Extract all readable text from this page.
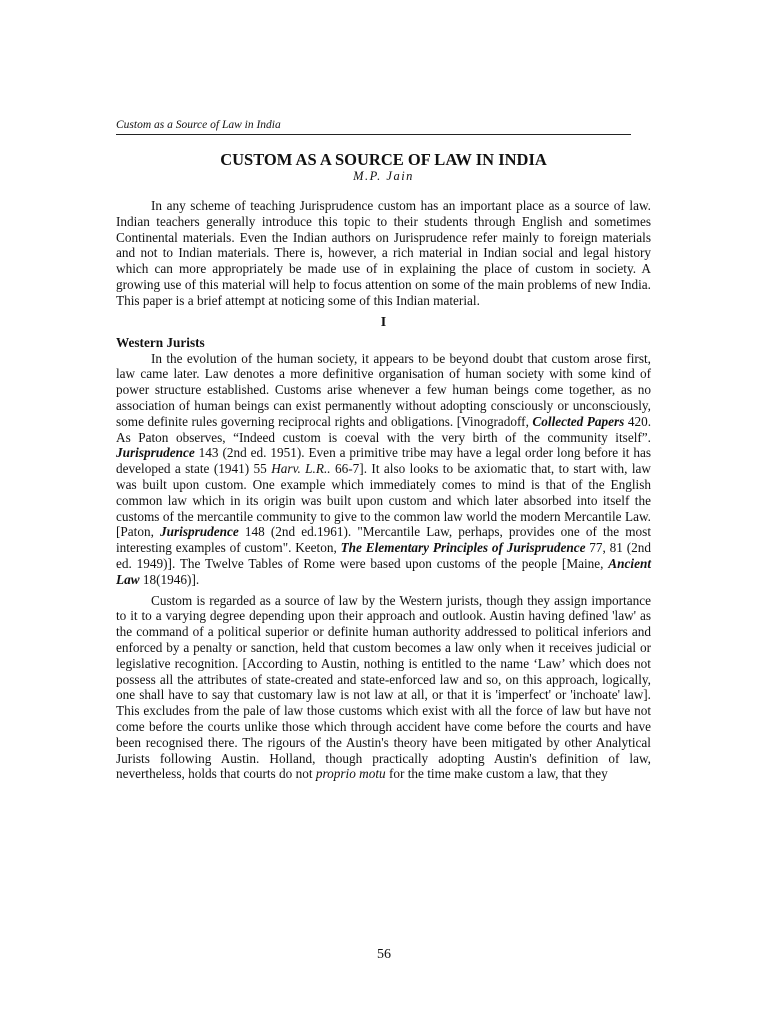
Custom as a Source of Law in India
CUSTOM AS A SOURCE OF LAW IN INDIA
M.P. Jain

In any scheme of teaching Jurisprudence custom has an important place as a source of law. Indian teachers generally introduce this topic to their students through English and sometimes Continental materials. Even the Indian authors on Jurisprudence refer mainly to foreign materials and not to Indian materials. There is, however, a rich material in Indian social and legal history which can more appropriately be made use of in explaining the place of custom in society. A growing use of this material will help to focus attention on some of the main problems of new India. This paper is a brief attempt at noticing some of this Indian material.

I
Western Jurists

In the evolution of the human society, it appears to be beyond doubt that custom arose first, law came later. Law denotes a more definitive organisation of human society with some kind of power structure established. Customs arise whenever a few human beings come together, as no association of human beings can exist permanently without adopting consciously or unconsciously, some definite rules governing reciprocal rights and obligations. [Vinogradoff, Collected Papers 420. As Paton observes, “Indeed custom is coeval with the very birth of the community itself”. Jurisprudence 143 (2nd ed. 1951). Even a primitive tribe may have a legal order long before it has developed a state (1941) 55 Harv. L.R.. 66-7]. It also looks to be axiomatic that, to start with, law was built upon custom. One example which immediately comes to mind is that of the English common law which in its origin was built upon custom and which later absorbed into itself the customs of the mercantile community to give to the common law world the modern Mercantile Law. [Paton, Jurisprudence 148 (2nd ed.1961). "Mercantile Law, perhaps, provides one of the most interesting examples of custom". Keeton, The Elementary Principles of Jurisprudence 77, 81 (2nd ed. 1949)]. The Twelve Tables of Rome were based upon customs of the people [Maine, Ancient Law 18(1946)].

Custom is regarded as a source of law by the Western jurists, though they assign importance to it to a varying degree depending upon their approach and outlook. Austin having defined 'law' as the command of a political superior or definite human authority addressed to political inferiors and enforced by a penalty or sanction, held that custom becomes a law only when it receives judicial or legislative recognition. [According to Austin, nothing is entitled to the name ‘Law’ which does not possess all the attributes of state-created and state-enforced law and so, on this approach, logically, one shall have to say that customary law is not law at all, or that it is 'imperfect' or 'inchoate' law]. This excludes from the pale of law those customs which exist with all the force of law but have not come before the courts unlike those which through accident have come before the courts and have been recognised there. The rigours of the Austin's theory have been mitigated by other Analytical Jurists following Austin. Holland, though practically adopting Austin's definition of law, nevertheless, holds that courts do not proprio motu for the time make custom a law, that they

56
